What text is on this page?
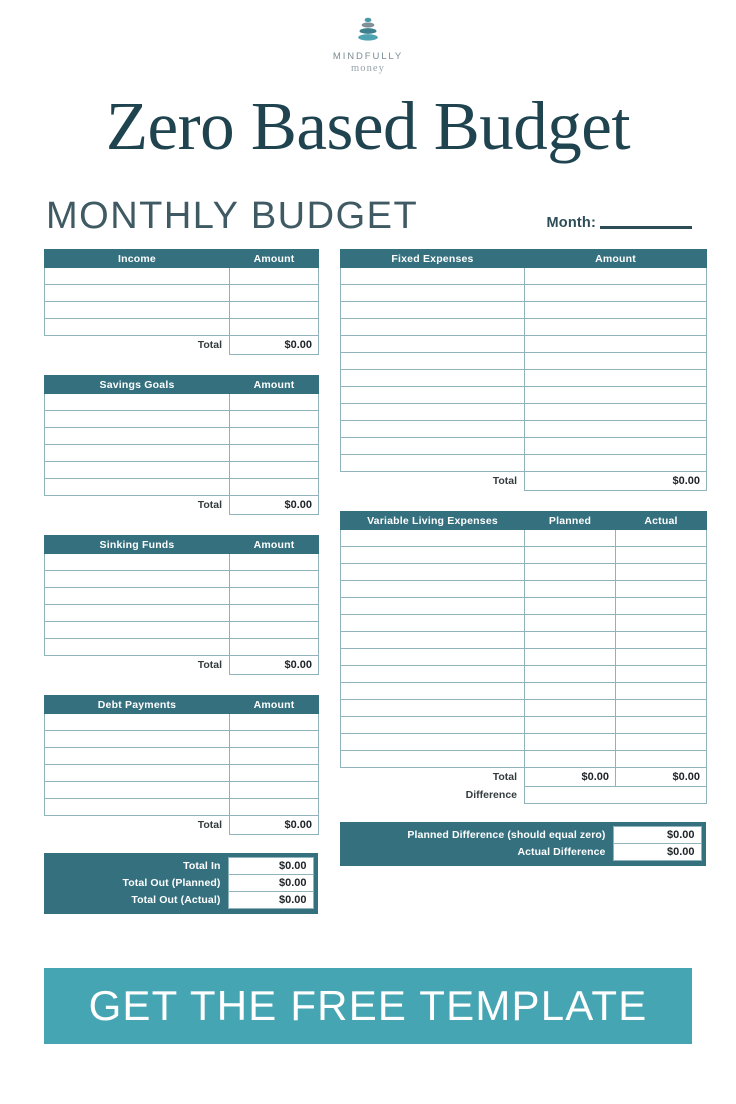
MINDFULLY
money
Zero Based Budget
MONTHLY BUDGET	Month:
Income	Amount

Total	$0.00
Savings Goals	Amount

Total	$0.00
Sinking Funds	Amount

Total	$0.00
Debt Payments	Amount

Total	$0.00
Total In	$0.00
Total Out (Planned)	$0.00
Total Out (Actual)	$0.00
Fixed Expenses	Amount

Total	$0.00
Variable Living Expenses	Planned	Actual

Total	$0.00	$0.00
Difference		
Planned Difference (should equal zero)	$0.00
Actual Difference	$0.00
GET THE FREE TEMPLATE
